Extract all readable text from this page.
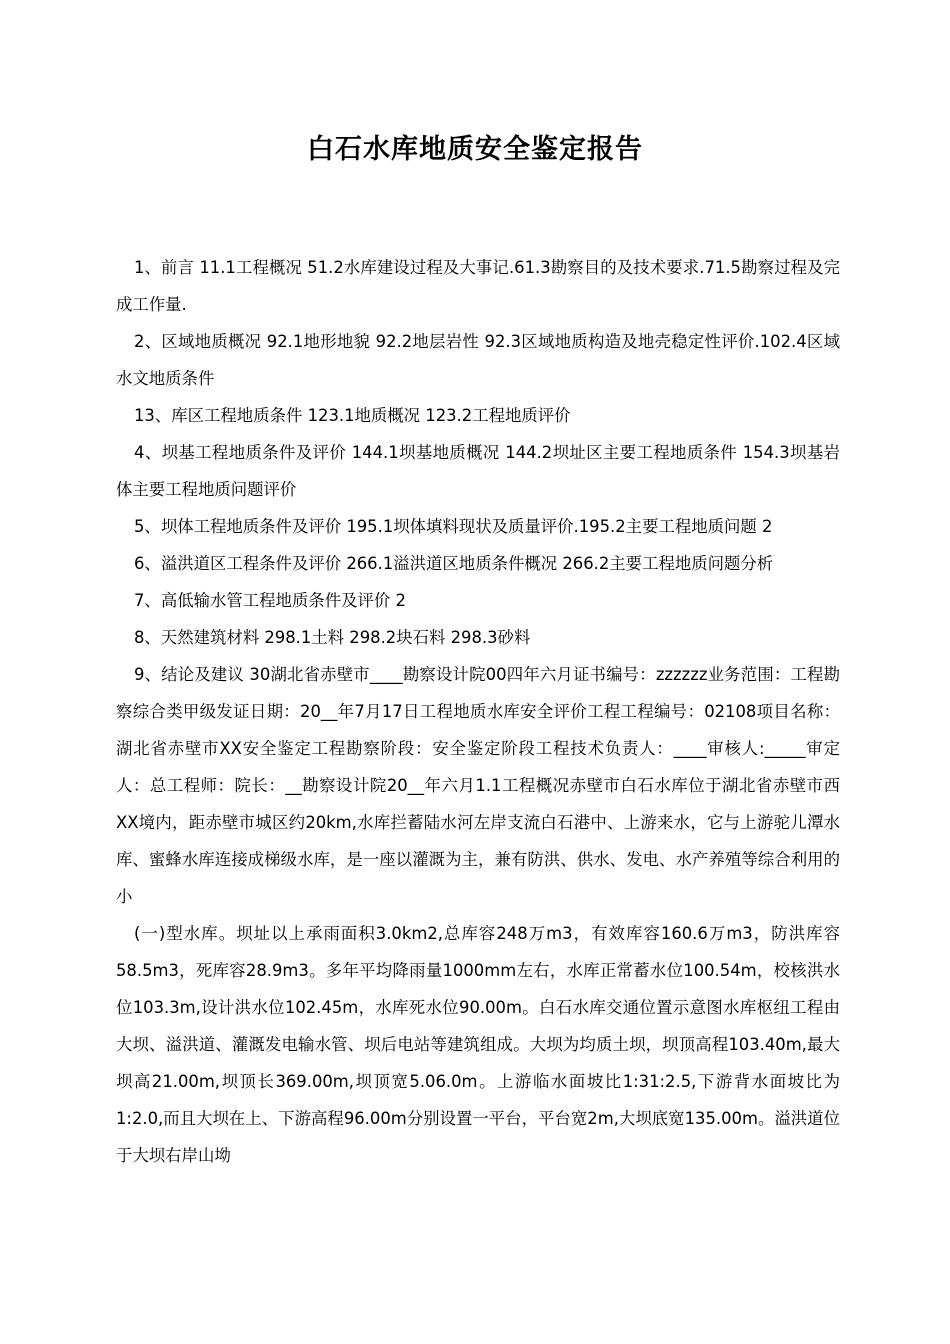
白石水库地质安全鉴定报告

1、前言 11.1工程概况 51.2水库建设过程及大事记.61.3勘察目的及技术要求.71.5勘察过程及完成工作量.

2、区域地质概况 92.1地形地貌 92.2地层岩性 92.3区域地质构造及地壳稳定性评价.102.4区域水文地质条件

13、库区工程地质条件 123.1地质概况 123.2工程地质评价

4、坝基工程地质条件及评价 144.1坝基地质概况 144.2坝址区主要工程地质条件 154.3坝基岩体主要工程地质问题评价

5、坝体工程地质条件及评价 195.1坝体填料现状及质量评价.195.2主要工程地质问题 2

6、溢洪道区工程条件及评价 266.1溢洪道区地质条件概况 266.2主要工程地质问题分析

7、高低输水管工程地质条件及评价 2

8、天然建筑材料 298.1土料 298.2块石料 298.3砂料

9、结论及建议 30湖北省赤壁市____勘察设计院00四年六月证书编号：zzzzzz业务范围：工程勘察综合类甲级发证日期：20__年7月17日工程地质水库安全评价工程工程编号：02108项目名称：湖北省赤壁市XX安全鉴定工程勘察阶段：安全鉴定阶段工程技术负责人：____审核人:_____审定人：总工程师：院长：__勘察设计院20__年六月1.1工程概况赤壁市白石水库位于湖北省赤壁市西XX境内，距赤壁市城区约20km,水库拦蓄陆水河左岸支流白石港中、上游来水，它与上游驼儿潭水库、蜜蜂水库连接成梯级水库，是一座以灌溉为主，兼有防洪、供水、发电、水产养殖等综合利用的小

(一)型水库。坝址以上承雨面积3.0km2,总库容248万m3，有效库容160.6万m3，防洪库容58.5m3，死库容28.9m3。多年平均降雨量1000mm左右，水库正常蓄水位100.54m，校核洪水位103.3m,设计洪水位102.45m，水库死水位90.00m。白石水库交通位置示意图水库枢纽工程由大坝、溢洪道、灌溉发电输水管、坝后电站等建筑组成。大坝为均质土坝，坝顶高程103.40m,最大坝高21.00m,坝顶长369.00m,坝顶宽5.06.0m。上游临水面坡比1:31:2.5,下游背水面坡比为1:2.0,而且大坝在上、下游高程96.00m分别设置一平台，平台宽2m,大坝底宽135.00m。溢洪道位于大坝右岸山坳
